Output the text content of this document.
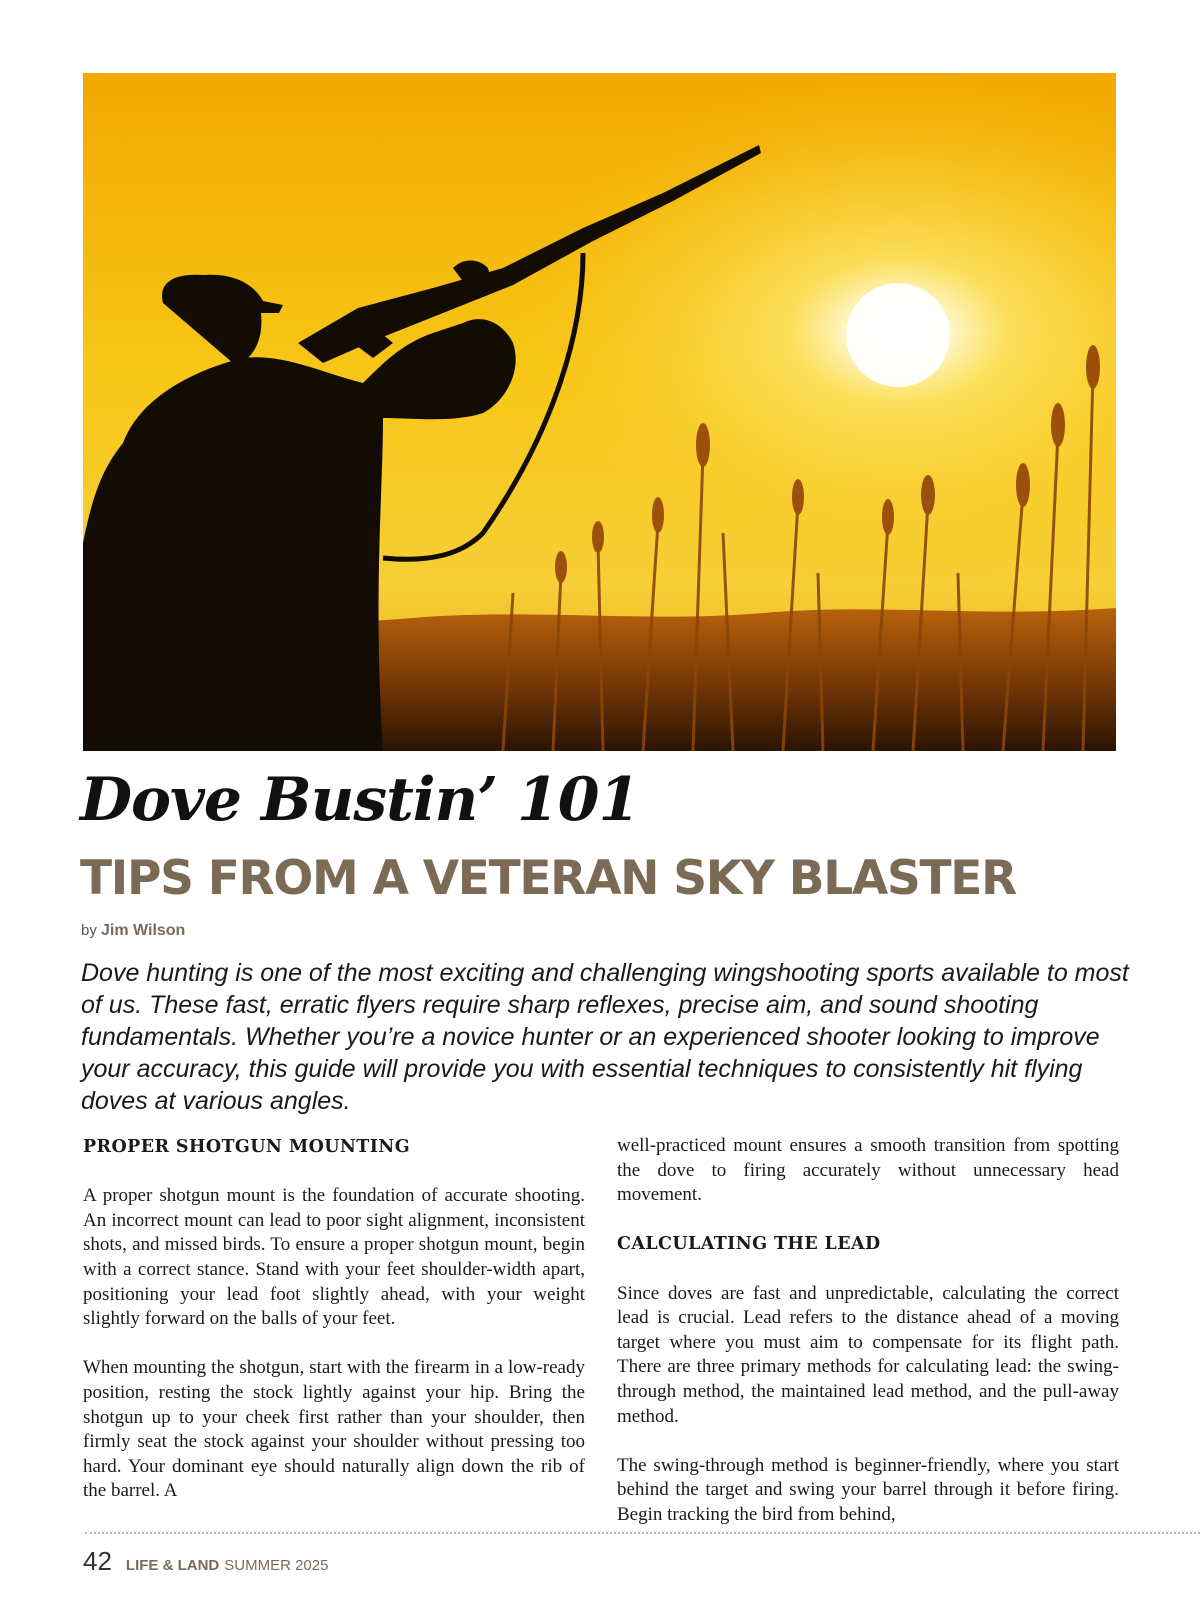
Dove Bustin’ 101
TIPS FROM A VETERAN SKY BLASTER
by Jim Wilson
Dove hunting is one of the most exciting and challenging wingshooting sports available to most of us. These fast, erratic flyers require sharp reflexes, precise aim, and sound shooting fundamentals. Whether you’re a novice hunter or an experienced shooter looking to improve your accuracy, this guide will provide you with essential techniques to consistently hit flying doves at various angles.
PROPER SHOTGUN MOUNTING

A proper shotgun mount is the foundation of accurate shooting. An incorrect mount can lead to poor sight alignment, inconsistent shots, and missed birds. To ensure a proper shotgun mount, begin with a correct stance. Stand with your feet shoulder-width apart, positioning your lead foot slightly ahead, with your weight slightly forward on the balls of your feet.

When mounting the shotgun, start with the firearm in a low-ready position, resting the stock lightly against your hip. Bring the shotgun up to your cheek first rather than your shoulder, then firmly seat the stock against your shoulder without pressing too hard. Your dominant eye should naturally align down the rib of the barrel. A

well-practiced mount ensures a smooth transition from spotting the dove to firing accurately without unnecessary head movement.

CALCULATING THE LEAD

Since doves are fast and unpredictable, calculating the correct lead is crucial. Lead refers to the distance ahead of a moving target where you must aim to compensate for its flight path. There are three primary methods for calculating lead: the swing-through method, the maintained lead method, and the pull-away method.

The swing-through method is beginner-friendly, where you start behind the target and swing your barrel through it before firing. Begin tracking the bird from behind,

42 LIFE & LAND SUMMER 2025
